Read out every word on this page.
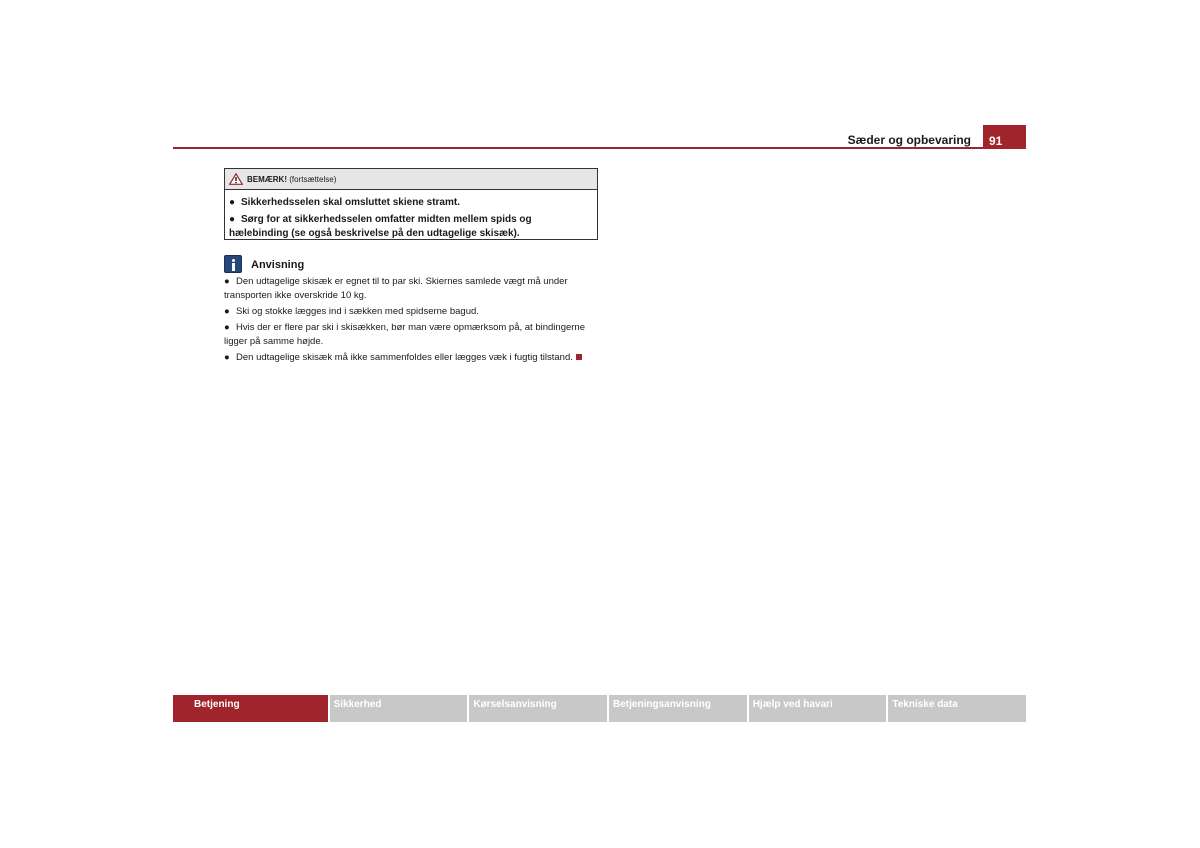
Sæder og opbevaring	91
BEMÆRK!
(fortsættelse)
● Sikkerhedsselen skal omsluttet skiene stramt.
● Sørg for at sikkerhedsselen omfatter midten mellem spids og hælebinding (se også beskrivelse på den udtagelige skisæk).
Anvisning
● Den udtagelige skisæk er egnet til to par ski. Skiernes samlede vægt må under transporten ikke overskride 10 kg.
● Ski og stokke lægges ind i sækken med spidserne bagud.
● Hvis der er flere par ski i skisækken, bør man være opmærksom på, at bindingerne ligger på samme højde.
● Den udtagelige skisæk må ikke sammenfoldes eller lægges væk i fugtig tilstand.
Betjening	Sikkerhed	Kørselsanvisning	Betjeningsanvisning	Hjælp ved havari	Tekniske data
